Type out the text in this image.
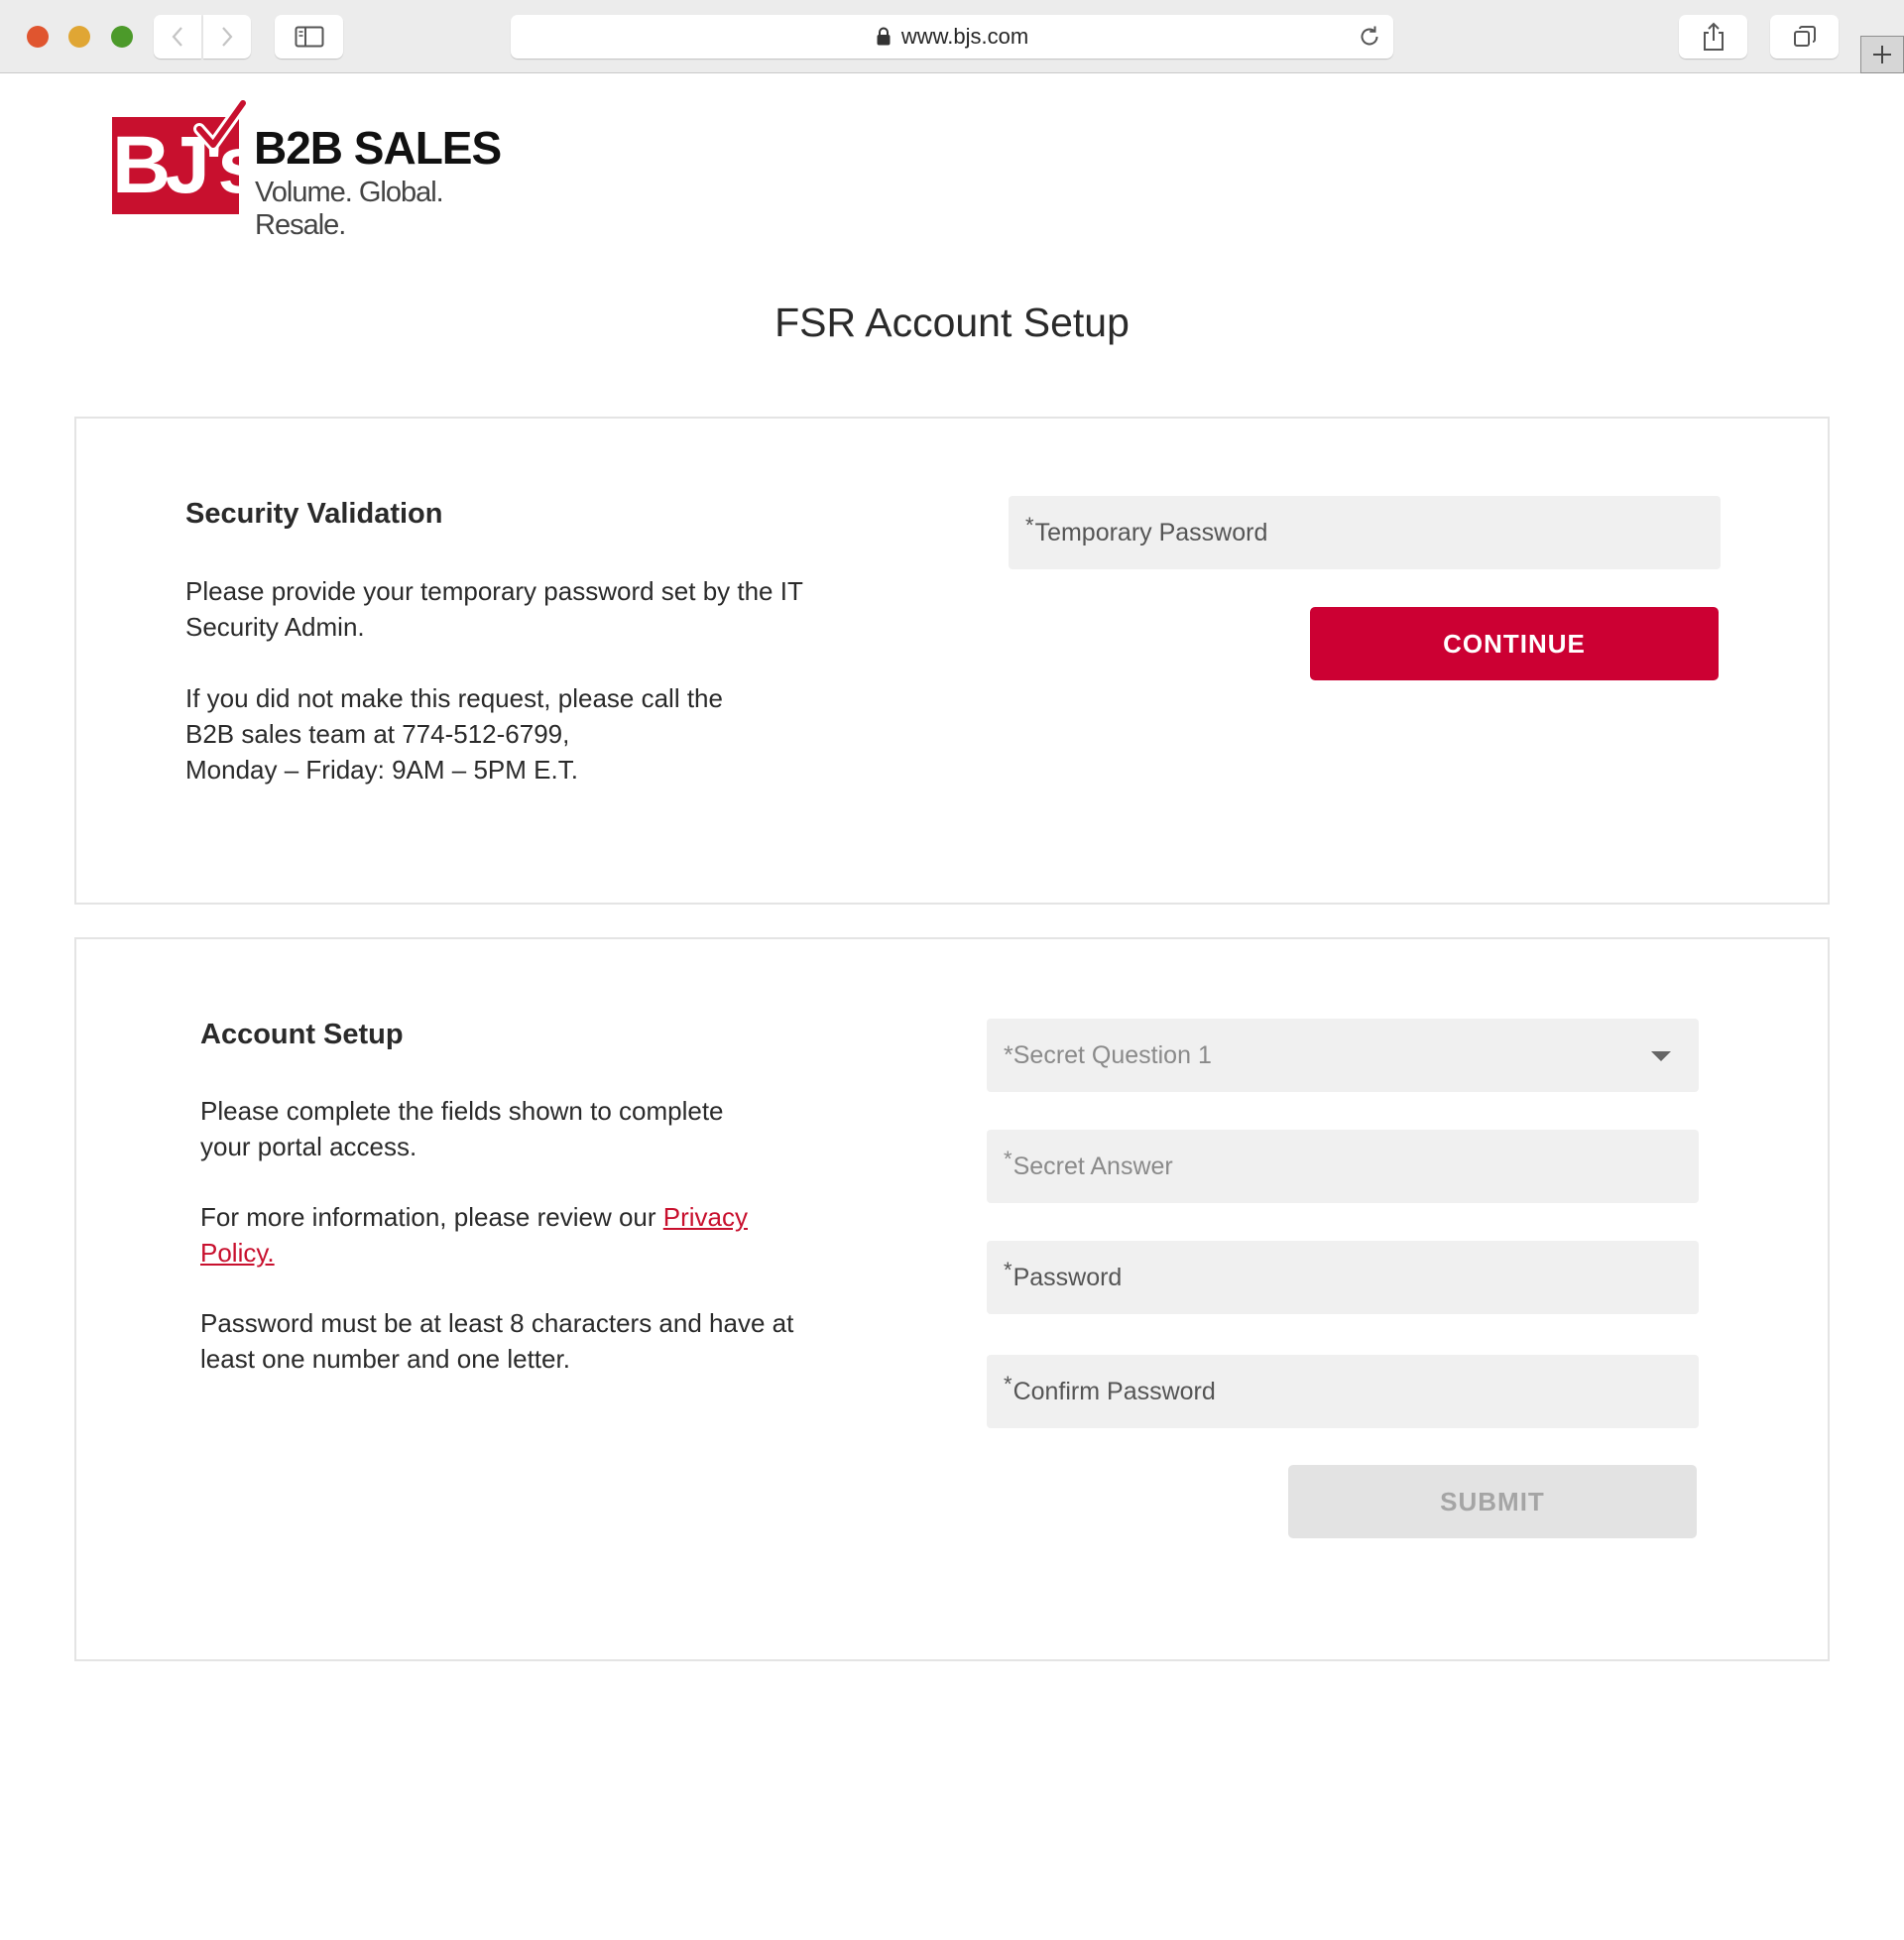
www.bjs.com
BJ's
B2B SALES
Volume. Global. Resale.
FSR Account Setup
Security Validation
Please provide your temporary password set by the IT Security Admin.
If you did not make this request, please call the
B2B sales team at 774-512-6799,
Monday – Friday: 9AM – 5PM E.T.
* Temporary Password
CONTINUE
Account Setup
Please complete the fields shown to complete your portal access.
For more information, please review our Privacy Policy.
Password must be at least 8 characters and have at least one number and one letter.
* Secret Question 1
* Secret Answer
* Password
* Confirm Password
SUBMIT
